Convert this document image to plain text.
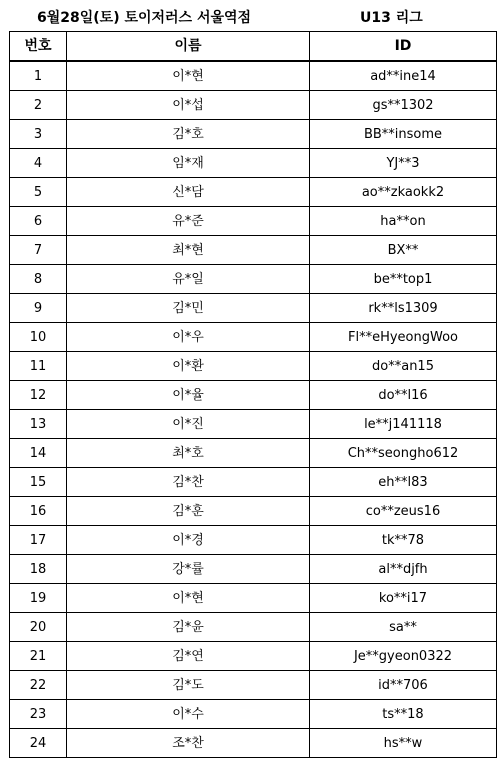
6월28일(토) 토이저러스 서울역점	U13 리그
번호	이름	ID
1	이*현	ad**ine14
2	이*섭	gs**1302
3	김*호	BB**insome
4	임*재	YJ**3
5	신*담	ao**zkaokk2
6	유*준	ha**on
7	최*현	BX**
8	유*일	be**top1
9	김*민	rk**ls1309
10	이*우	Fl**eHyeongWoo
11	이*환	do**an15
12	이*율	do**l16
13	이*진	le**j141118
14	최*호	Ch**seongho612
15	김*찬	eh**l83
16	김*훈	co**zeus16
17	이*경	tk**78
18	강*률	al**djfh
19	이*현	ko**i17
20	김*윤	sa**
21	김*연	Je**gyeon0322
22	김*도	id**706
23	이*수	ts**18
24	조*찬	hs**w
